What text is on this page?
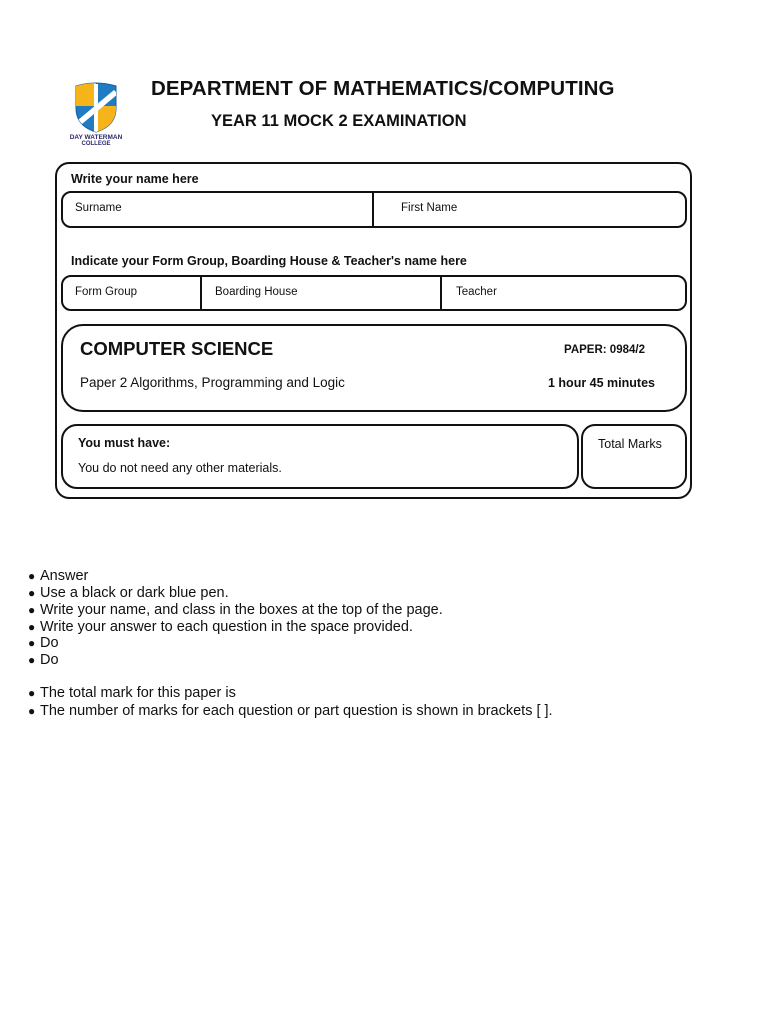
DAY WATERMAN
COLLEGE
DEPARTMENT OF MATHEMATICS/COMPUTING
YEAR 11 MOCK 2 EXAMINATION
Write your name here
Surname	First Name
Indicate your Form Group, Boarding House & Teacher's name here
Form Group	Boarding House	Teacher
COMPUTER SCIENCE	PAPER: 0984/2
Paper 2 Algorithms, Programming and Logic	1 hour 45 minutes
You must have:
You do not need any other materials.
Total Marks
● Answer
● Use a black or dark blue pen.
● Write your name, and class in the boxes at the top of the page.
● Write your answer to each question in the space provided.
● Do
● Do
● The total mark for this paper is
● The number of marks for each question or part question is shown in brackets [ ].
